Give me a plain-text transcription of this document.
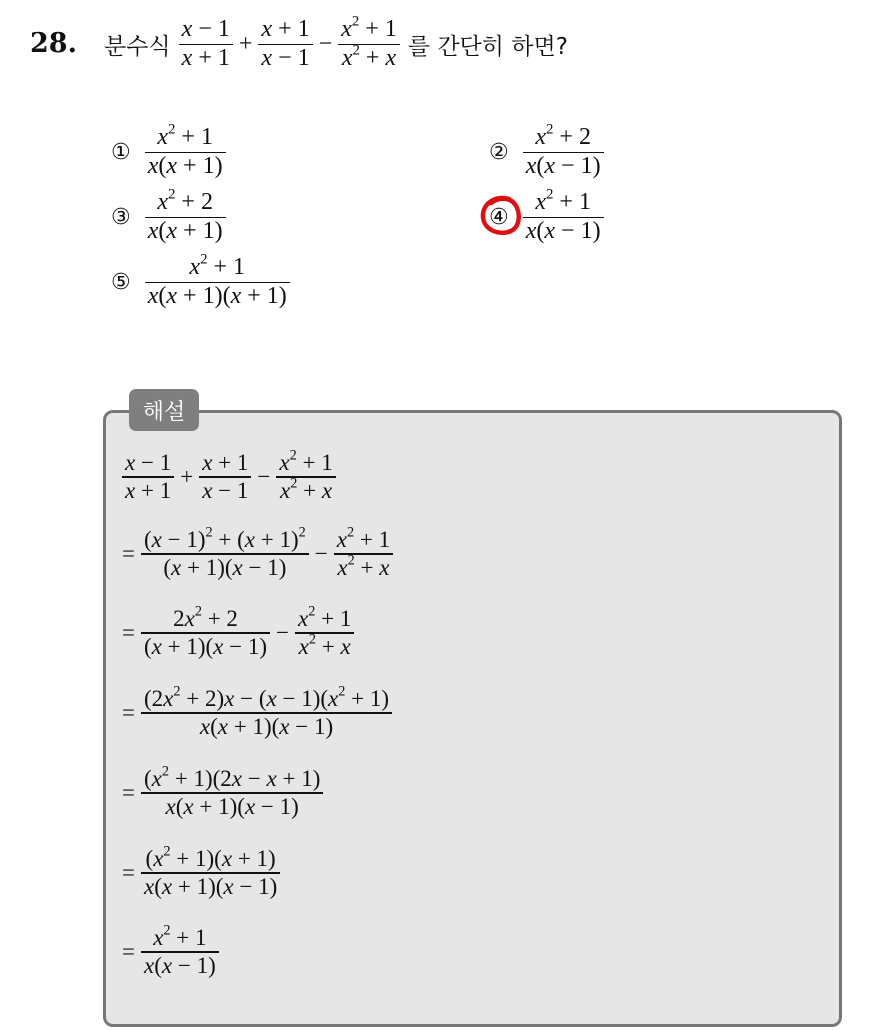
28. 분수식 $\frac{x - 1}{x + 1} + \frac{x + 1}{x - 1} - \frac{x^2 + 1}{x^2 + x}$ 를 간단히 하면?
① $\frac{x^2 + 1}{x(x + 1)}$	② $\frac{x^2 + 2}{x(x - 1)}$
③ $\frac{x^2 + 2}{x(x + 1)}$	④ $\frac{x^2 + 1}{x(x - 1)}$
⑤ $\frac{x^2 + 1}{x(x + 1)(x + 1)}$
해설
$\frac{x - 1}{x + 1} + \frac{x + 1}{x - 1} - \frac{x^2 + 1}{x^2 + x}$
= $\frac{(x - 1)^2 + (x + 1)^2}{(x + 1)(x - 1)} - \frac{x^2 + 1}{x^2 + x}$
= $\frac{2x^2 + 2}{(x + 1)(x - 1)} - \frac{x^2 + 1}{x^2 + x}$
= $\frac{(2x^2 + 2)x - (x - 1)(x^2 + 1)}{x(x + 1)(x - 1)}$
= $\frac{(x^2 + 1)(2x - x + 1)}{x(x + 1)(x - 1)}$
= $\frac{(x^2 + 1)(x + 1)}{x(x + 1)(x - 1)}$
= $\frac{x^2 + 1}{x(x - 1)}$
